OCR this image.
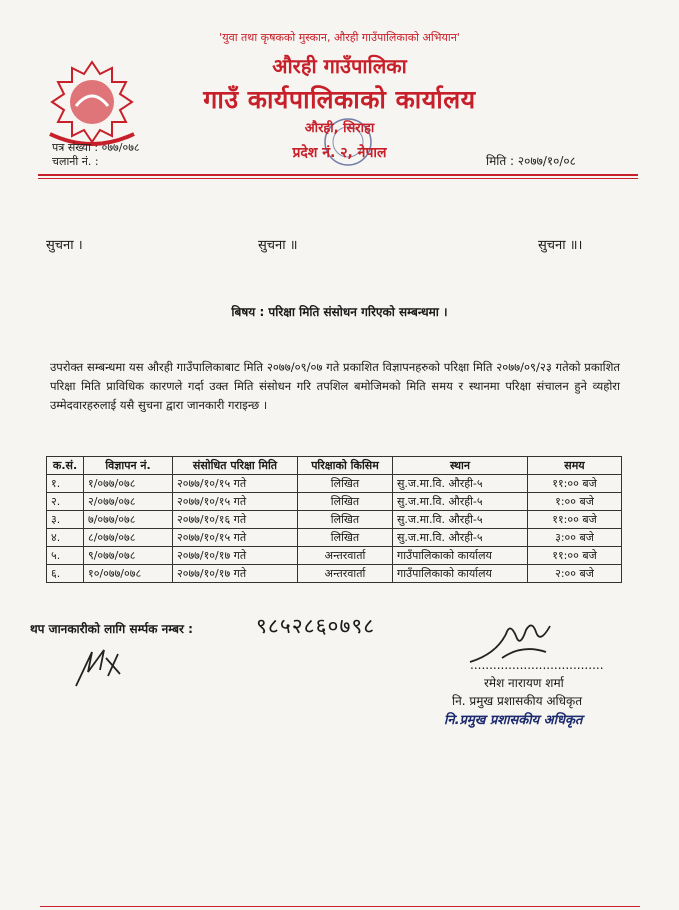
'युवा तथा कृषकको मुस्कान, औरही गाउँपालिकाको अभियान'
औरही गाउँपालिका
गाउँ कार्यपालिकाको कार्यालय
औरही, सिराहा
प्रदेश नं. २, नेपाल
पत्र संख्या : ०७७/०७८
चलानी नं. :	मिति : २०७७/१०/०८
सुचना ।	सुचना ॥	सुचना ॥।
बिषय : परिक्षा मिति संसोधन गरिएको सम्बन्धमा ।
उपरोक्त सम्बन्धमा यस औरही गाउँपालिकाबाट मिति २०७७/०९/०७ गते प्रकाशित विज्ञापनहरुको परिक्षा मिति २०७७/०९/२३ गतेको प्रकाशित परिक्षा मिति प्राविधिक कारणले गर्दा उक्त मिति संसोधन गरि तपशिल बमोजिमको मिति समय र स्थानमा परिक्षा संचालन हुने व्यहोरा उम्मेदवारहरुलाई यसै सुचना द्वारा जानकारी गराइन्छ ।
क.सं.	विज्ञापन नं.	संसोधित परिक्षा मिति	परिक्षाको किसिम	स्थान	समय
१.	१/०७७/०७८	२०७७/१०/१५ गते	लिखित	सु.ज.मा.वि. औरही-५	११:०० बजे
२.	२/०७७/०७८	२०७७/१०/१५ गते	लिखित	सु.ज.मा.वि. औरही-५	१:०० बजे
३.	७/०७७/०७८	२०७७/१०/१६ गते	लिखित	सु.ज.मा.वि. औरही-५	११:०० बजे
४.	८/०७७/०७८	२०७७/१०/१५ गते	लिखित	सु.ज.मा.वि. औरही-५	३:०० बजे
५.	९/०७७/०७८	२०७७/१०/१७ गते	अन्तरवार्ता	गाउँपालिकाको कार्यालय	११:०० बजे
६.	१०/०७७/०७८	२०७७/१०/१७ गते	अन्तरवार्ता	गाउँपालिकाको कार्यालय	२:०० बजे
थप जानकारीको लागि सर्म्पक नम्बर :	९८५२८६०७९८
...................................
रमेश नारायण शर्मा
नि. प्रमुख प्रशासकीय अधिकृत
नि.प्रमुख प्रशासकीय अधिकृत
